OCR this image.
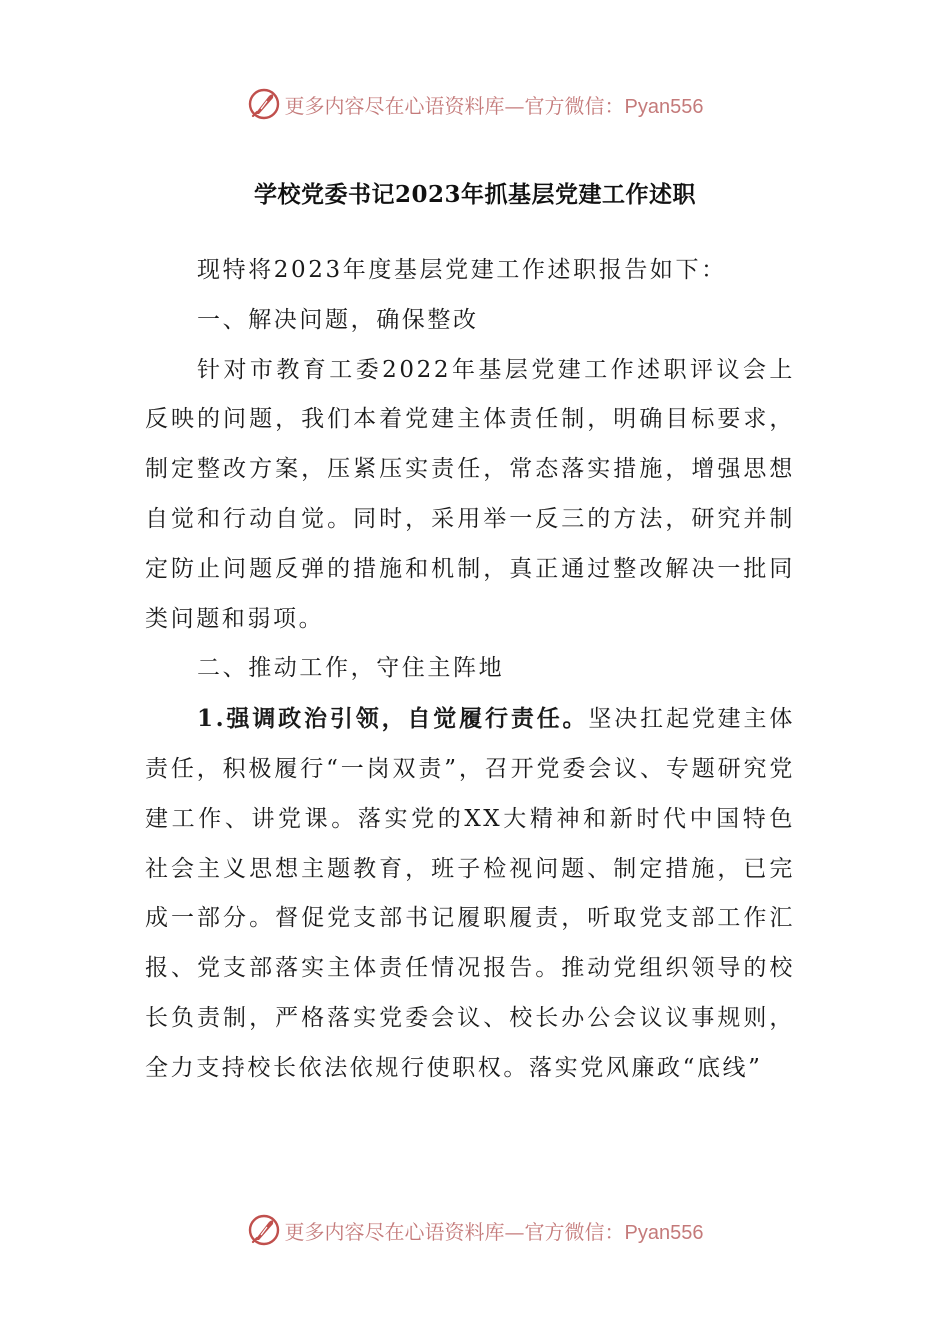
更多内容尽在心语资料库—官方微信：Pyan556
学校党委书记2023年抓基层党建工作述职

现特将2023年度基层党建工作述职报告如下：

一、解决问题，确保整改

针对市教育工委2022年基层党建工作述职评议会上反映的问题，我们本着党建主体责任制，明确目标要求，制定整改方案，压紧压实责任，常态落实措施，增强思想自觉和行动自觉。同时，采用举一反三的方法，研究并制定防止问题反弹的措施和机制，真正通过整改解决一批同类问题和弱项。

二、推动工作，守住主阵地

1.强调政治引领，自觉履行责任。坚决扛起党建主体责任，积极履行“一岗双责”，召开党委会议、专题研究党建工作、讲党课。落实党的XX大精神和新时代中国特色社会主义思想主题教育，班子检视问题、制定措施，已完成一部分。督促党支部书记履职履责，听取党支部工作汇报、党支部落实主体责任情况报告。推动党组织领导的校长负责制，严格落实党委会议、校长办公会议议事规则，全力支持校长依法依规行使职权。落实党风廉政“底线”

更多内容尽在心语资料库—官方微信：Pyan556
